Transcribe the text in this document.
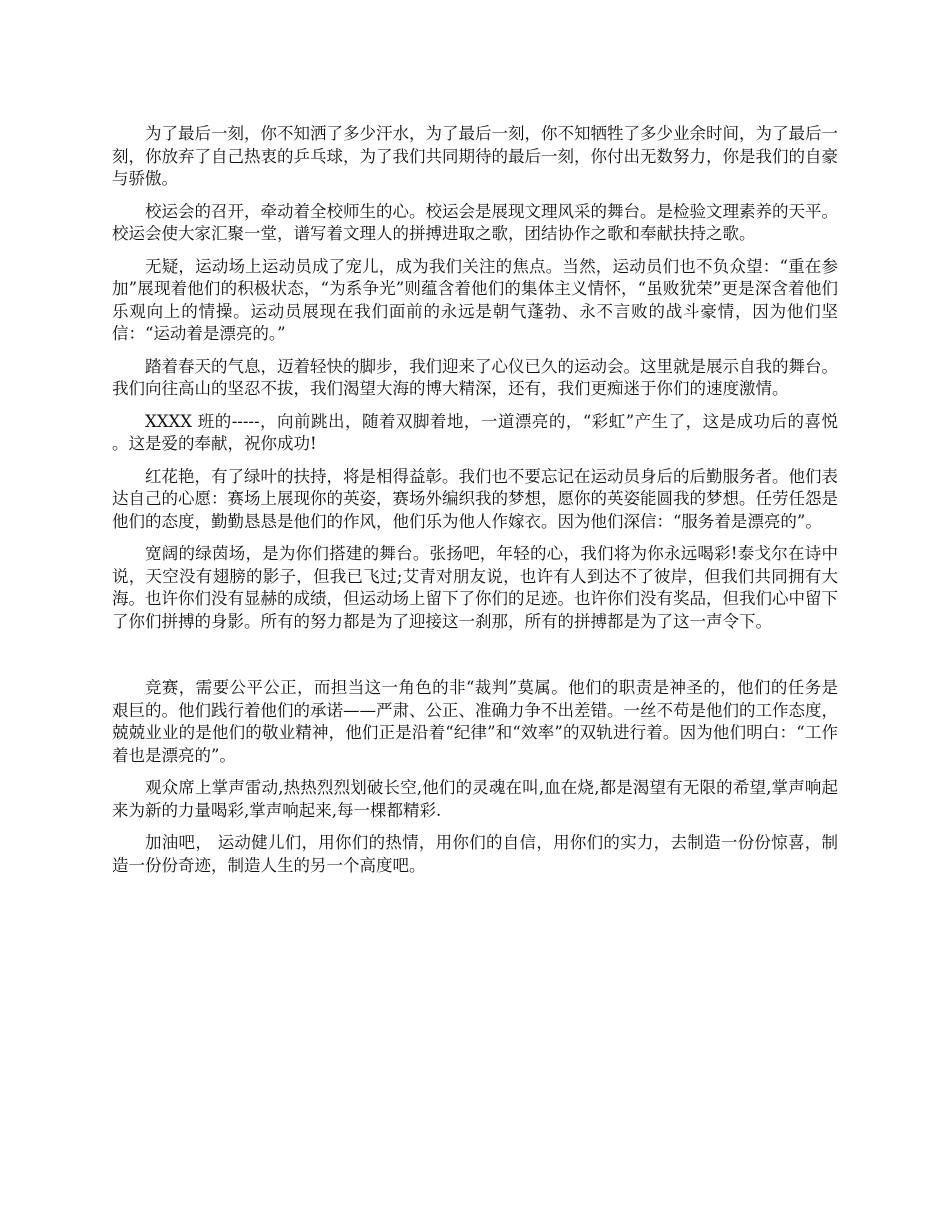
为了最后一刻，你不知洒了多少汗水，为了最后一刻，你不知牺牲了多少业余时间，为了最后一刻，你放弃了自己热衷的乒乓球，为了我们共同期待的最后一刻，你付出无数努力，你是我们的自豪与骄傲。

校运会的召开，牵动着全校师生的心。校运会是展现文理风采的舞台。是检验文理素养的天平。校运会使大家汇聚一堂，谱写着文理人的拼搏进取之歌，团结协作之歌和奉献扶持之歌。

无疑，运动场上运动员成了宠儿，成为我们关注的焦点。当然，运动员们也不负众望：“重在参加”展现着他们的积极状态，“为系争光”则蕴含着他们的集体主义情怀，“虽败犹荣”更是深含着他们乐观向上的情操。运动员展现在我们面前的永远是朝气蓬勃、永不言败的战斗豪情，因为他们坚信：“运动着是漂亮的。”

踏着春天的气息，迈着轻快的脚步，我们迎来了心仪已久的运动会。这里就是展示自我的舞台。我们向往高山的坚忍不拔，我们渴望大海的博大精深，还有，我们更痴迷于你们的速度激情。

XXXX 班的-----，向前跳出，随着双脚着地，一道漂亮的，“彩虹”产生了，这是成功后的喜悦 。这是爱的奉献，祝你成功!

红花艳，有了绿叶的扶持，将是相得益彰。我们也不要忘记在运动员身后的后勤服务者。他们表达自己的心愿：赛场上展现你的英姿，赛场外编织我的梦想，愿你的英姿能圆我的梦想。任劳任怨是他们的态度，勤勤恳恳是他们的作风，他们乐为他人作嫁衣。因为他们深信：“服务着是漂亮的”。

宽阔的绿茵场，是为你们搭建的舞台。张扬吧，年轻的心，我们将为你永远喝彩!泰戈尔在诗中说，天空没有翅膀的影子，但我已飞过;艾青对朋友说，也许有人到达不了彼岸，但我们共同拥有大海。也许你们没有显赫的成绩，但运动场上留下了你们的足迹。也许你们没有奖品，但我们心中留下了你们拼搏的身影。所有的努力都是为了迎接这一刹那，所有的拼搏都是为了这一声令下。

竞赛，需要公平公正，而担当这一角色的非“裁判”莫属。他们的职责是神圣的，他们的任务是艰巨的。他们践行着他们的承诺——严肃、公正、准确力争不出差错。一丝不苟是他们的工作态度，兢兢业业的是他们的敬业精神，他们正是沿着“纪律”和“效率”的双轨进行着。因为他们明白：“工作着也是漂亮的”。

观众席上掌声雷动,热热烈烈划破长空,他们的灵魂在叫,血在烧,都是渴望有无限的希望,掌声响起来为新的力量喝彩,掌声响起来,每一棵都精彩.

加油吧， 运动健儿们，用你们的热情，用你们的自信，用你们的实力，去制造一份份惊喜，制造一份份奇迹，制造人生的另一个高度吧。
